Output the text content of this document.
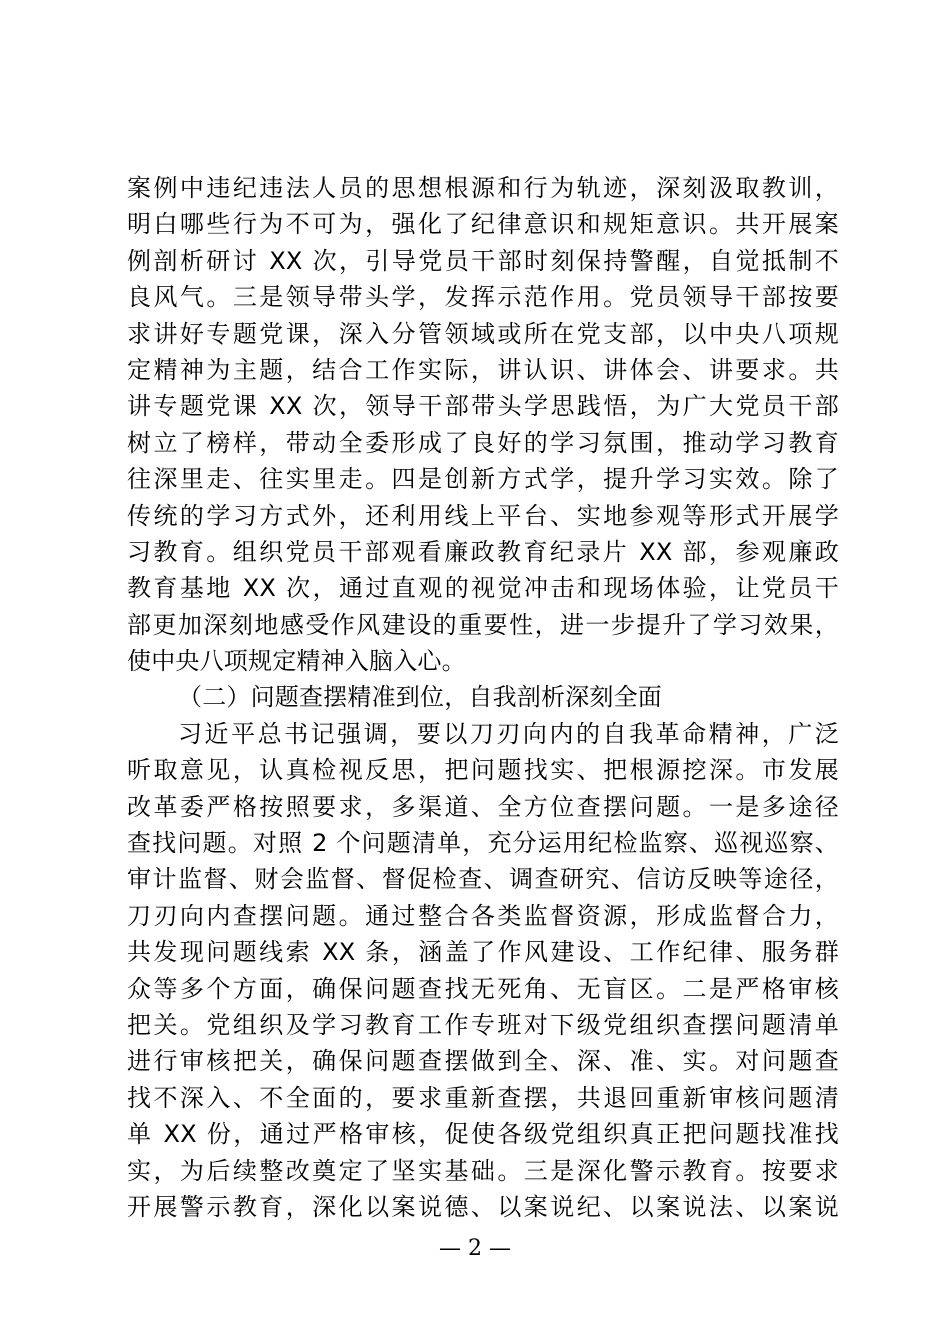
案例中违纪违法人员的思想根源和行为轨迹，深刻汲取教训，
明白哪些行为不可为，强化了纪律意识和规矩意识。共开展案
例剖析研讨 XX 次，引导党员干部时刻保持警醒，自觉抵制不
良风气。三是领导带头学，发挥示范作用。党员领导干部按要
求讲好专题党课，深入分管领域或所在党支部，以中央八项规
定精神为主题，结合工作实际，讲认识、讲体会、讲要求。共
讲专题党课 XX 次，领导干部带头学思践悟，为广大党员干部
树立了榜样，带动全委形成了良好的学习氛围，推动学习教育
往深里走、往实里走。四是创新方式学，提升学习实效。除了
传统的学习方式外，还利用线上平台、实地参观等形式开展学
习教育。组织党员干部观看廉政教育纪录片 XX 部，参观廉政
教育基地 XX 次，通过直观的视觉冲击和现场体验，让党员干
部更加深刻地感受作风建设的重要性，进一步提升了学习效果，
使中央八项规定精神入脑入心。
（二）问题查摆精准到位，自我剖析深刻全面
习近平总书记强调，要以刀刃向内的自我革命精神，广泛
听取意见，认真检视反思，把问题找实、把根源挖深。市发展
改革委严格按照要求，多渠道、全方位查摆问题。一是多途径
查找问题。对照 2 个问题清单，充分运用纪检监察、巡视巡察、
审计监督、财会监督、督促检查、调查研究、信访反映等途径，
刀刃向内查摆问题。通过整合各类监督资源，形成监督合力，
共发现问题线索 XX 条，涵盖了作风建设、工作纪律、服务群
众等多个方面，确保问题查找无死角、无盲区。二是严格审核
把关。党组织及学习教育工作专班对下级党组织查摆问题清单
进行审核把关，确保问题查摆做到全、深、准、实。对问题查
找不深入、不全面的，要求重新查摆，共退回重新审核问题清
单 XX 份，通过严格审核，促使各级党组织真正把问题找准找
实，为后续整改奠定了坚实基础。三是深化警示教育。按要求
开展警示教育，深化以案说德、以案说纪、以案说法、以案说
— 2 —
